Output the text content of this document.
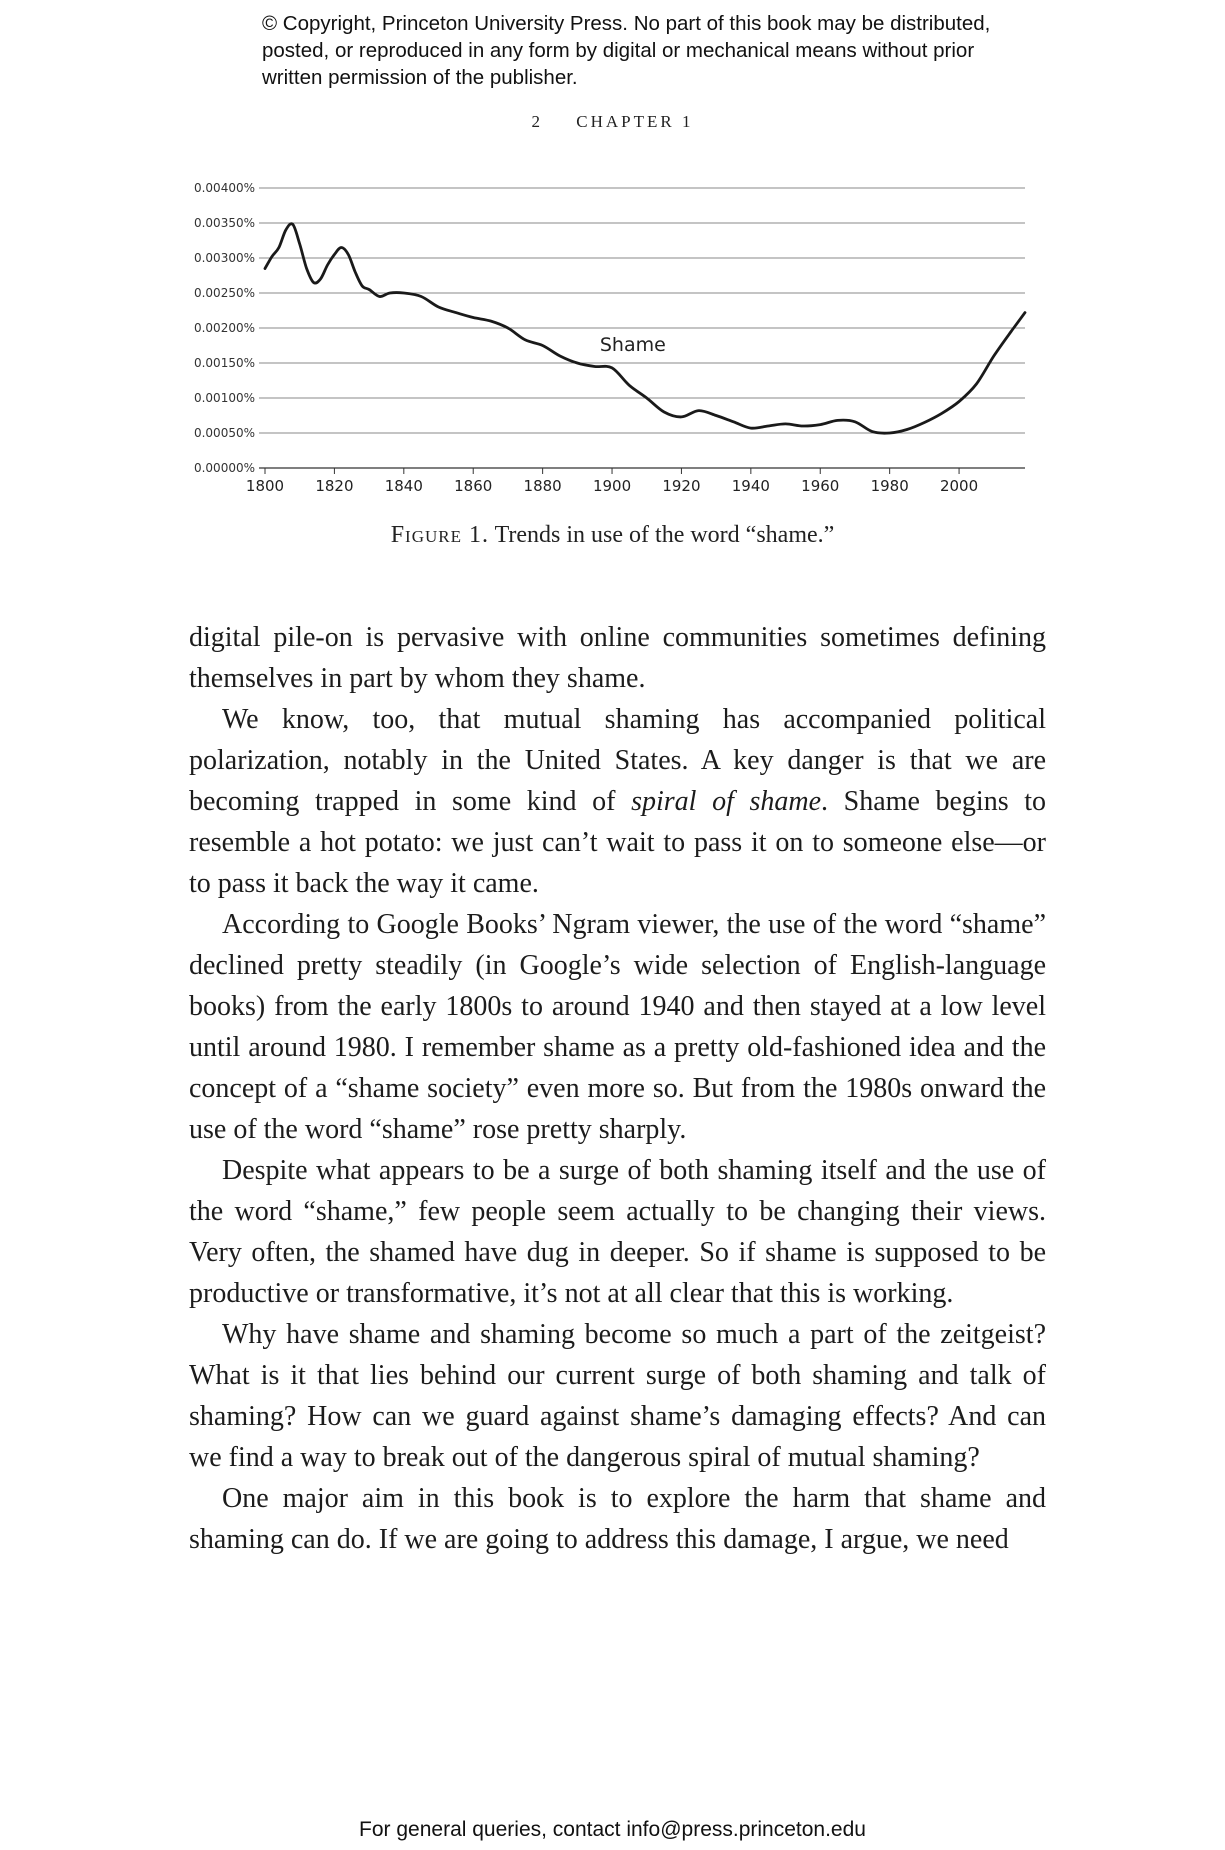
© Copyright, Princeton University Press. No part of this book may be distributed, posted, or reproduced in any form by digital or mechanical means without prior written permission of the publisher.
2 CHAPTER 1
0.00000%
0.00050%
0.00100%
0.00150%
0.00200%
0.00250%
0.00300%
0.00350%
0.00400%
1800 1820 1840 1860 1880 1900 1920 1940 1960 1980 2000
Shame
Figure 1. Trends in use of the word “shame.”

digital pile-on is pervasive with online communities sometimes defining themselves in part by whom they shame.

We know, too, that mutual shaming has accompanied political polarization, notably in the United States. A key danger is that we are becoming trapped in some kind of spiral of shame. Shame begins to resemble a hot potato: we just can’t wait to pass it on to someone else—or to pass it back the way it came.

According to Google Books’ Ngram viewer, the use of the word “shame” declined pretty steadily (in Google’s wide selection of English-language books) from the early 1800s to around 1940 and then stayed at a low level until around 1980. I remember shame as a pretty old-fashioned idea and the concept of a “shame society” even more so. But from the 1980s onward the use of the word “shame” rose pretty sharply.

Despite what appears to be a surge of both shaming itself and the use of the word “shame,” few people seem actually to be changing their views. Very often, the shamed have dug in deeper. So if shame is supposed to be productive or transformative, it’s not at all clear that this is working.

Why have shame and shaming become so much a part of the zeitgeist? What is it that lies behind our current surge of both shaming and talk of shaming? How can we guard against shame’s damaging effects? And can we find a way to break out of the dangerous spiral of mutual shaming?

One major aim in this book is to explore the harm that shame and shaming can do. If we are going to address this damage, I argue, we need

For general queries, contact info@press.princeton.edu
